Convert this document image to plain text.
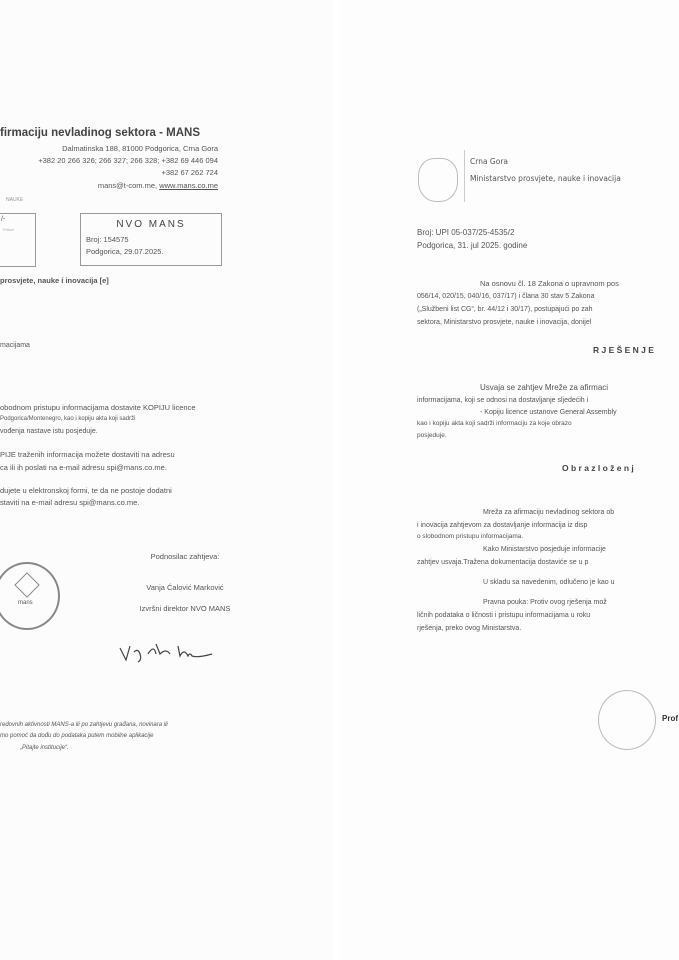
firmaciju nevladinog sektora - MANS
Dalmatinska 188, 81000 Podgorica, Crna Gora
+382 20 266 326; 266 327; 266 328; +382 69 446 094
+382 67 262 724
mans@t-com.me, www.mans.co.me
NAUKE
/-
Prilozi	NVO MANS
Broj: 154575
Podgorica, 29.07.2025.
prosvjete, nauke i inovacija [e]
macijama
obodnom pristupu informacijama dostavite KOPIJU licence
Podgorica/Montenegro, kao i kopiju akta koji sadrži
vođenja nastave istu posjeduje.
PIJE traženih informacija možete dostaviti na adresu
ca ili ih poslati na e-mail adresu spi@mans.co.me.
dujete u elektronskoj formi, te da ne postoje dodatni
staviti na e-mail adresu spi@mans.co.me.
mans
Podnosilac zahtjeva:
Vanja Ćalović Marković
Izvršni direktor NVO MANS
redovnih aktivnosti MANS-a ili po zahtjevu građana, novinara ili
mo pomoć da dođu do podataka putem mobilne aplikacije
„Pitajte institucije“.
Crna Gora
Ministarstvo prosvjete, nauke i inovacija
Broj: UPI 05-037/25-4535/2
Podgorica, 31. jul 2025. godine
Na osnovu čl. 18 Zakona o upravnom pos
056/14, 020/15, 040/16, 037/17) i člana 30 stav 5 Zakona
(„Službeni list CG“, br. 44/12 i 30/17), postupajući po zah
sektora, Ministarstvo prosvjete, nauke i inovacija, donijel
R J E Š E N J E
Usvaja se zahtjev Mreže za afirmaci
informacijama, koji se odnosi na dostavljanje sljedećih i
- Kopiju licence ustanove General Assembly
kao i kopiju akta koji sadrži informaciju za koje obrazo
posjeduje.
O b r a z l o ž e n j
Mreža za afirmaciju nevladinog sektora ob
i inovacija zahtjevom za dostavljanje informacija iz disp
o slobodnom pristupu informacijama.
Kako Ministarstvo posjeduje informacije
zahtjev usvaja.Tražena dokumentacija dostaviće se u p
U skladu sa navedenim, odlučeno je kao u
Pravna pouka: Protiv ovog rješenja mož
ličnih podataka o ličnosti i pristupu informacijama u roku
rješenja, preko ovog Ministarstva.
Prof
